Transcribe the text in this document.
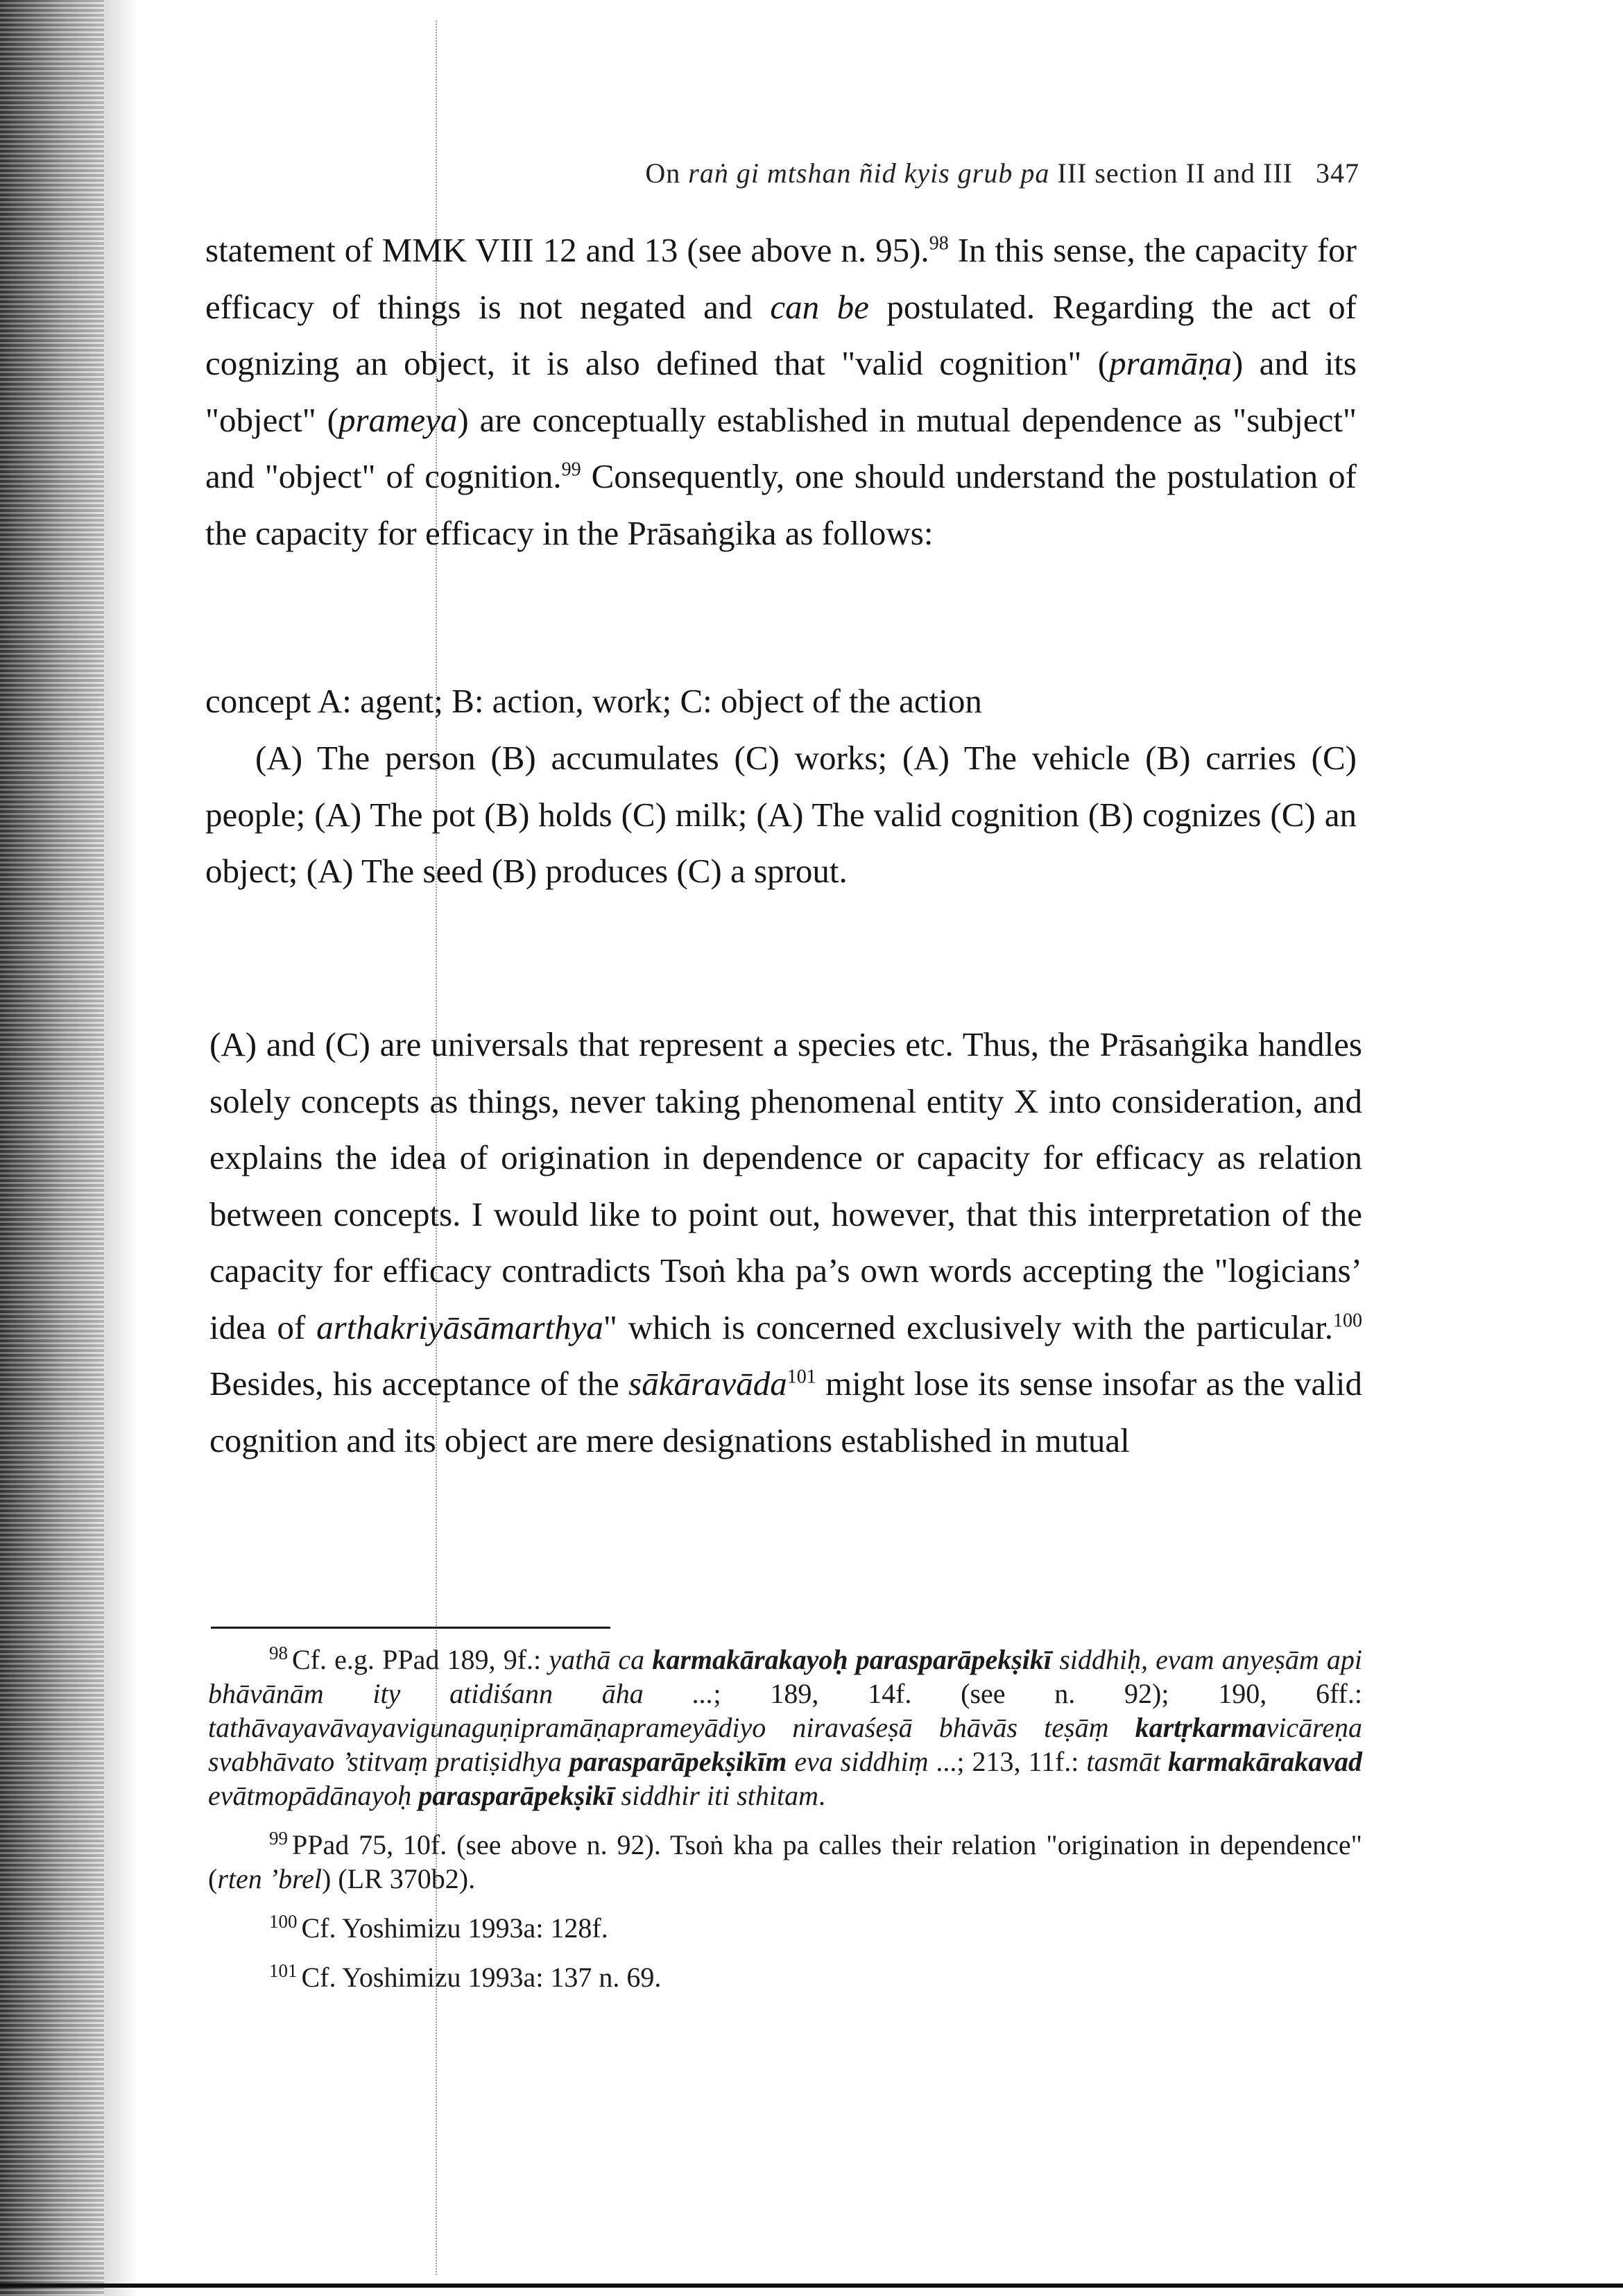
On raṅ gi mtshan ñid kyis grub pa III section II and III 347

statement of MMK VIII 12 and 13 (see above n. 95).$^{98}$ In this sense, the capacity for efficacy of things is not negated and can be postulated. Regarding the act of cognizing an object, it is also defined that "valid cognition" (pramāṇa) and its "object" (prameya) are conceptually established in mutual dependence as "subject" and "object" of cognition.$^{99}$ Consequently, one should understand the postulation of the capacity for efficacy in the Prāsaṅgika as follows:

concept A: agent; B: action, work; C: object of the action

(A) The person (B) accumulates (C) works; (A) The vehicle (B) carries (C) people; (A) The pot (B) holds (C) milk; (A) The valid cognition (B) cognizes (C) an object; (A) The seed (B) produces (C) a sprout.

(A) and (C) are universals that represent a species etc. Thus, the Prāsaṅgika handles solely concepts as things, never taking phenomenal entity X into consideration, and explains the idea of origination in dependence or capacity for efficacy as relation between concepts. I would like to point out, however, that this interpretation of the capacity for efficacy contradicts Tsoṅ kha pa’s own words accepting the "logicians’ idea of arthakriyāsāmarthya" which is concerned exclusively with the particular.$^{100}$ Besides, his acceptance of the sākāravāda$^{101}$ might lose its sense insofar as the valid cognition and its object are mere designations established in mutual

$^{98}$ Cf. e.g. PPad 189, 9f.: yathā ca karmakārakayoḥ parasparāpekṣikī siddhiḥ, evam anyeṣām api bhāvānām ity atidiśann āha ...; 189, 14f. (see n. 92); 190, 6ff.: tathāvayavāvayavigunaguṇipramāṇaprameyādiyo niravaśeṣā bhāvās teṣāṃ kartṛkarmavicāreṇa svabhāvato ’stitvaṃ pratiṣidhya parasparāpekṣikīm eva siddhiṃ ...; 213, 11f.: tasmāt karmakārakavad evātmopādānayoḥ parasparāpekṣikī siddhir iti sthitam.

$^{99}$ PPad 75, 10f. (see above n. 92). Tsoṅ kha pa calles their relation "origination in dependence" (rten ’brel) (LR 370b2).

$^{100}$ Cf. Yoshimizu 1993a: 128f.

$^{101}$ Cf. Yoshimizu 1993a: 137 n. 69.
